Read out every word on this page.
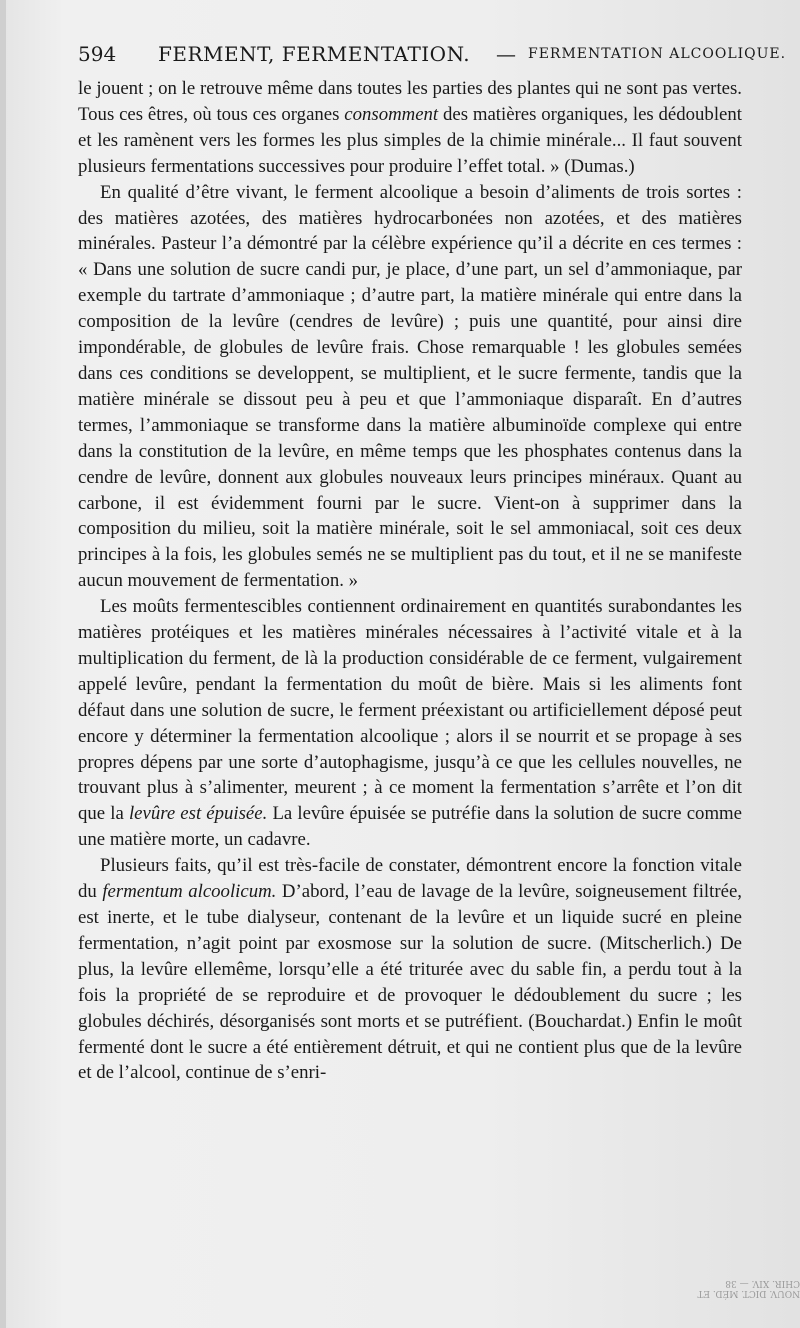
594 FERMENT, FERMENTATION. — FERMENTATION ALCOOLIQUE.

le jouent ; on le retrouve même dans toutes les parties des plantes qui ne sont pas vertes. Tous ces êtres, où tous ces organes consomment des matières organiques, les dédoublent et les ramènent vers les formes les plus simples de la chimie minérale... Il faut souvent plusieurs fermentations successives pour produire l’effet total. » (Dumas.)

En qualité d’être vivant, le ferment alcoolique a besoin d’aliments de trois sortes : des matières azotées, des matières hydrocarbonées non azotées, et des matières minérales. Pasteur l’a démontré par la célèbre expérience qu’il a décrite en ces termes : « Dans une solution de sucre candi pur, je place, d’une part, un sel d’ammoniaque, par exemple du tartrate d’ammoniaque ; d’autre part, la matière minérale qui entre dans la composition de la levûre (cendres de levûre) ; puis une quantité, pour ainsi dire impondérable, de globules de levûre frais. Chose remarquable ! les globules semées dans ces conditions se developpent, se multiplient, et le sucre fermente, tandis que la matière minérale se dissout peu à peu et que l’ammoniaque disparaît. En d’autres termes, l’ammoniaque se transforme dans la matière albuminoïde complexe qui entre dans la constitution de la levûre, en même temps que les phosphates contenus dans la cendre de levûre, donnent aux globules nouveaux leurs principes minéraux. Quant au carbone, il est évidemment fourni par le sucre. Vient-on à supprimer dans la composition du milieu, soit la matière minérale, soit le sel ammoniacal, soit ces deux principes à la fois, les globules semés ne se multiplient pas du tout, et il ne se manifeste aucun mouvement de fermentation. »

Les moûts fermentescibles contiennent ordinairement en quantités surabondantes les matières protéiques et les matières minérales nécessaires à l’activité vitale et à la multiplication du ferment, de là la production considérable de ce ferment, vulgairement appelé levûre, pendant la fermentation du moût de bière. Mais si les aliments font défaut dans une solution de sucre, le ferment préexistant ou artificiellement déposé peut encore y déterminer la fermentation alcoolique ; alors il se nourrit et se propage à ses propres dépens par une sorte d’autophagisme, jusqu’à ce que les cellules nouvelles, ne trouvant plus à s’alimenter, meurent ; à ce moment la fermentation s’arrête et l’on dit que la levûre est épuisée. La levûre épuisée se putréfie dans la solution de sucre comme une matière morte, un cadavre.

Plusieurs faits, qu’il est très-facile de constater, démontrent encore la fonction vitale du fermentum alcoolicum. D’abord, l’eau de lavage de la levûre, soigneusement filtrée, est inerte, et le tube dialyseur, contenant de la levûre et un liquide sucré en pleine fermentation, n’agit point par exosmose sur la solution de sucre. (Mitscherlich.) De plus, la levûre ellemême, lorsqu’elle a été triturée avec du sable fin, a perdu tout à la fois la propriété de se reproduire et de provoquer le dédoublement du sucre ; les globules déchirés, désorganisés sont morts et se putréfient. (Bouchardat.) Enfin le moût fermenté dont le sucre a été entièrement détruit, et qui ne contient plus que de la levûre et de l’alcool, continue de s’enri-

NOUV. DICT. MÉD. ET CHIR. XIV. — 38
